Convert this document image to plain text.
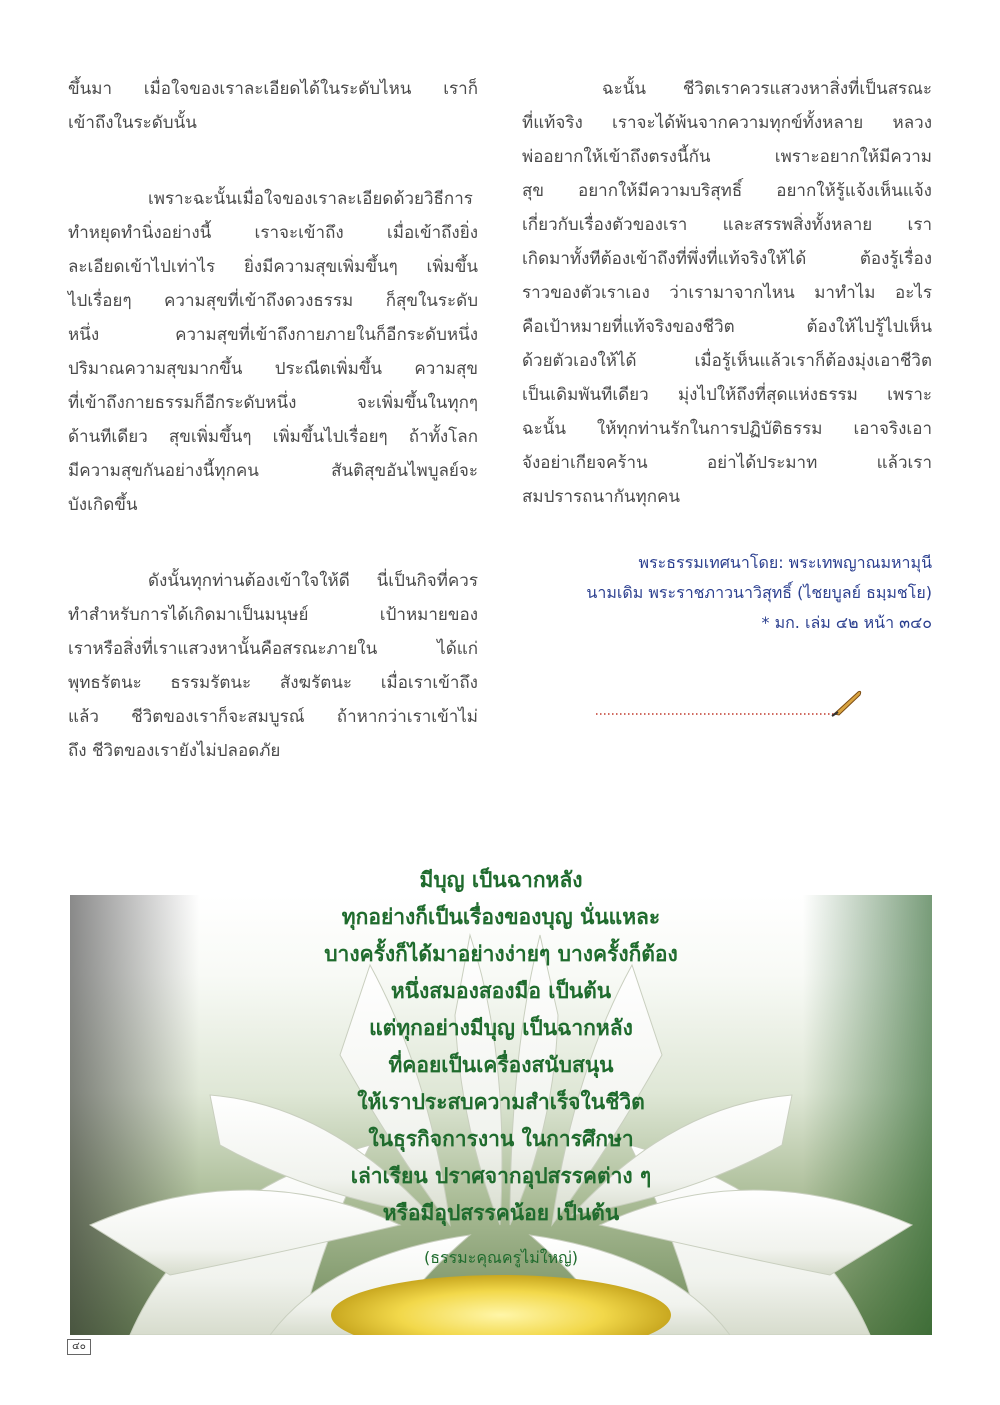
ขึ้นมา เมื่อใจของเราละเอียดได้ในระดับไหน เราก็
เข้าถึงในระดับนั้น
เพราะฉะนั้นเมื่อใจของเราละเอียดด้วยวิธีการ
ทำหยุดทำนิ่งอย่างนี้ เราจะเข้าถึง เมื่อเข้าถึงยิ่ง
ละเอียดเข้าไปเท่าไร ยิ่งมีความสุขเพิ่มขึ้นๆ เพิ่มขึ้น
ไปเรื่อยๆ ความสุขที่เข้าถึงดวงธรรม ก็สุขในระดับ
หนึ่ง ความสุขที่เข้าถึงกายภายในก็อีกระดับหนึ่ง
ปริมาณความสุขมากขึ้น ประณีตเพิ่มขึ้น ความสุข
ที่เข้าถึงกายธรรมก็อีกระดับหนึ่ง จะเพิ่มขึ้นในทุกๆ
ด้านทีเดียว สุขเพิ่มขึ้นๆ เพิ่มขึ้นไปเรื่อยๆ ถ้าทั้งโลก
มีความสุขกันอย่างนี้ทุกคน สันติสุขอันไพบูลย์จะ
บังเกิดขึ้น
ดังนั้นทุกท่านต้องเข้าใจให้ดี นี่เป็นกิจที่ควร
ทำสำหรับการได้เกิดมาเป็นมนุษย์ เป้าหมายของ
เราหรือสิ่งที่เราแสวงหานั้นคือสรณะภายใน ได้แก่
พุทธรัตนะ ธรรมรัตนะ สังฆรัตนะ เมื่อเราเข้าถึง
แล้ว ชีวิตของเราก็จะสมบูรณ์ ถ้าหากว่าเราเข้าไม่
ถึง ชีวิตของเรายังไม่ปลอดภัย
ฉะนั้น ชีวิตเราควรแสวงหาสิ่งที่เป็นสรณะ
ที่แท้จริง เราจะได้พ้นจากความทุกข์ทั้งหลาย หลวง
พ่ออยากให้เข้าถึงตรงนี้กัน เพราะอยากให้มีความ
สุข อยากให้มีความบริสุทธิ์ อยากให้รู้แจ้งเห็นแจ้ง
เกี่ยวกับเรื่องตัวของเรา และสรรพสิ่งทั้งหลาย เรา
เกิดมาทั้งทีต้องเข้าถึงที่พึ่งที่แท้จริงให้ได้ ต้องรู้เรื่อง
ราวของตัวเราเอง ว่าเรามาจากไหน มาทำไม อะไร
คือเป้าหมายที่แท้จริงของชีวิต ต้องให้ไปรู้ไปเห็น
ด้วยตัวเองให้ได้ เมื่อรู้เห็นแล้วเราก็ต้องมุ่งเอาชีวิต
เป็นเดิมพันทีเดียว มุ่งไปให้ถึงที่สุดแห่งธรรม เพราะ
ฉะนั้น ให้ทุกท่านรักในการปฏิบัติธรรม เอาจริงเอา
จังอย่าเกียจคร้าน อย่าได้ประมาท แล้วเรา
สมปรารถนากันทุกคน
พระธรรมเทศนาโดย: พระเทพญาณมหามุนี
นามเดิม พระราชภาวนาวิสุทธิ์ (ไชยบูลย์ ธมฺมชโย)
* มก. เล่ม ๔๒ หน้า ๓๔๐
มีบุญ เป็นฉากหลัง
ทุกอย่างก็เป็นเรื่องของบุญ นั่นแหละ
บางครั้งก็ได้มาอย่างง่ายๆ บางครั้งก็ต้อง
หนึ่งสมองสองมือ เป็นต้น
แต่ทุกอย่างมีบุญ เป็นฉากหลัง
ที่คอยเป็นเครื่องสนับสนุน
ให้เราประสบความสำเร็จในชีวิต
ในธุรกิจการงาน ในการศึกษา
เล่าเรียน ปราศจากอุปสรรคต่าง ๆ
หรือมีอุปสรรคน้อย เป็นต้น
(ธรรมะคุณครูไม่ใหญ่)
๔๐
